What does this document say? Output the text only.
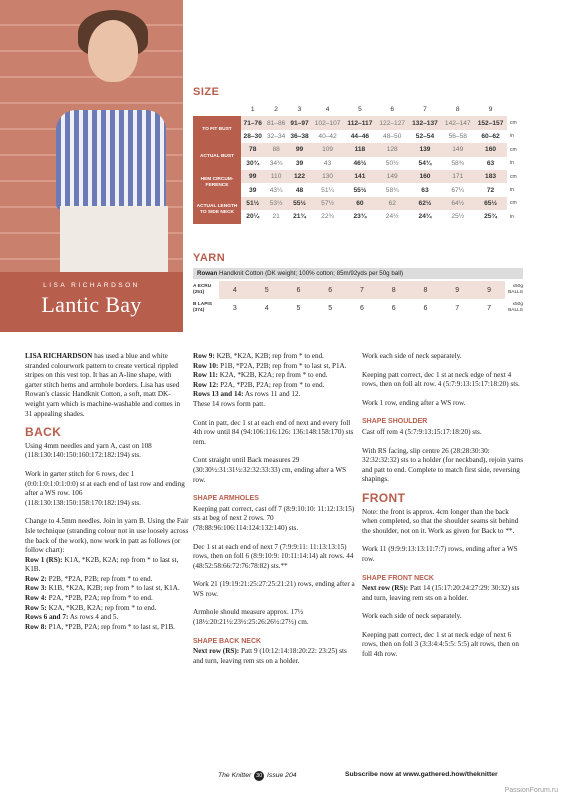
LISA RICHARDSON
Lantic Bay
SIZE
	1	2	3	4	5	6	7	8	9	
TO FIT BUST	71–76	81–86	91–97	102–107	112–117	122–127	132–137	142–147	152–157	cm
	28–30	32–34	36–38	40–42	44–46	48–50	52–54	56–58	60–62	in
ACTUAL BUST	78	88	99	109	118	128	139	149	160	cm
	30¾	34¾	39	43	46½	50½	54¾	58¾	63	in
HEM CIRCUM-FERENCE	99	110	122	130	141	149	160	171	183	cm
	39	43¼	48	51¼	55½	58¾	63	67¼	72	in
ACTUAL LENGTH TO SIDE NECK	51½	53½	55½	57½	60	62	62½	64½	65½	cm
	20¼	21	21¾	22¾	23¾	24½	24¾	25½	25¾	in
YARN
Rowan Handknit Cotton (DK weight; 100% cotton; 85m/92yds per 50g ball)
A ECRU (251)	4	5	6	6	7	8	8	9	9	x50g BALLS
B LAPIS (374)	3	4	5	5	6	6	6	7	7	x50g BALLS

LISA RICHARDSON has used a blue and white stranded colourwork pattern to create vertical rippled stripes on this vest top. It has an A-line shape, with garter stitch hems and armhole borders. Lisa has used Rowan's classic Handknit Cotton, a soft, matt DK-weight yarn which is machine-washable and comes in 31 appealing shades.

BACK

Using 4mm needles and yarn A, cast on 108 (118:130:140:150:160:172:182:194) sts.

Work in garter stitch for 6 rows, dec 1 (0:0:1:0:1:0:1:0:0) st at each end of last row and ending after a WS row. 106 (118:130:138:150:158:170:182:194) sts.

Change to 4.5mm needles. Join in yarn B. Using the Fair Isle technique (stranding colour not in use loosely across the back of the work), now work in patt as follows (or follow chart):

Row 1 (RS): K1A, *K2B, K2A; rep from * to last st, K1B.
Row 2: P2B, *P2A, P2B; rep from * to end.
Row 3: K1B, *K2A, K2B; rep from * to last st, K1A.
Row 4: P2A, *P2B, P2A; rep from * to end.
Row 5: K2A, *K2B, K2A; rep from * to end.
Rows 6 and 7: As rows 4 and 5.
Row 8: P1A, *P2B, P2A; rep from * to last st, P1B.
Row 9: K2B, *K2A, K2B; rep from * to end.
Row 10: P1B, *P2A, P2B; rep from * to last st, P1A.
Row 11: K2A, *K2B, K2A; rep from * to end.
Row 12: P2A, *P2B, P2A; rep from * to end.
Rows 13 and 14: As rows 11 and 12.

These 14 rows form patt.

Cont in patt, dec 1 st at each end of next and every foll 4th row until 84 (94:106:116:126: 136:148:158:170) sts rem.

Cont straight until Back measures 29 (30:30½:31:31½:32:32:33:33) cm, ending after a WS row.

SHAPE ARMHOLES

Keeping patt correct, cast off 7 (8:9:10:10: 11:12:13:15) sts at beg of next 2 rows. 70 (78:88:96:106:114:124:132:140) sts.

Dec 1 st at each end of next 7 (7:9:9:11: 11:13:13:15) rows, then on foll 6 (8:9:10:9: 10:11:14:14) alt rows. 44 (48:52:58:66:72:76:78:82) sts.**

Work 21 (19:19:21:25:27:25:21:21) rows, ending after a WS row.

Armhole should measure approx. 17½ (18½:20:21½:23½:25:26:26½:27½) cm.

SHAPE BACK NECK

Next row (RS): Patt 9 (10:12:14:18:20:22: 23:25) sts and turn, leaving rem sts on a holder.

Work each side of neck separately.

Keeping patt correct, dec 1 st at neck edge of next 4 rows, then on foll alt row. 4 (5:7:9:13:15:17:18:20) sts.

Work 1 row, ending after a WS row.

SHAPE SHOULDER

Cast off rem 4 (5:7:9:13:15:17:18:20) sts.

With RS facing, slip centre 26 (28:28:30:30: 32:32:32:32) sts to a holder (for neckband), rejoin yarns and patt to end. Complete to match first side, reversing shapings.

FRONT

Note: the front is approx. 4cm longer than the back when completed, so that the shoulder seams sit behind the shoulder, not on it. Work as given for Back to **.

Work 11 (9:9:9:13:13:11:7:7) rows, ending after a WS row.

SHAPE FRONT NECK

Next row (RS): Patt 14 (15:17:20:24:27:29: 30:32) sts and turn, leaving rem sts on a holder.

Work each side of neck separately.

Keeping patt correct, dec 1 st at neck edge of next 6 rows, then on foll 3 (3:3:4:4:5:5: 5:5) alt rows, then on foll 4th row.

The Knitter 30 Issue 204	Subscribe now at www.gathered.how/theknitter
PassionForum.ru
